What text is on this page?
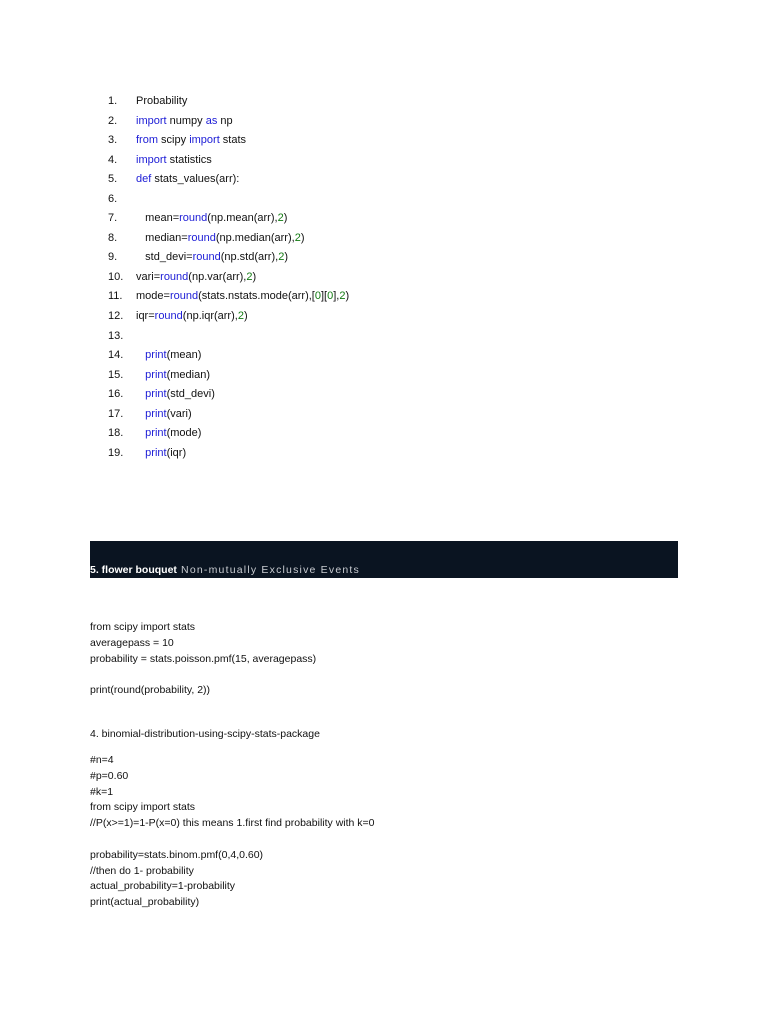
1.	Probability
2.	import numpy as np
3.	from scipy import stats
4.	import statistics
5.	def stats_values(arr):
6.
7.	mean=round(np.mean(arr),2)
8.	median=round(np.median(arr),2)
9.	std_devi=round(np.std(arr),2)
10.	vari=round(np.var(arr),2)
11.	mode=round(stats.nstats.mode(arr),[0][0],2)
12.	iqr=round(np.iqr(arr),2)
13.
14.	print(mean)
15.	print(median)
16.	print(std_devi)
17.	print(vari)
18.	print(mode)
19.	print(iqr)
5. flower bouquet Non-mutually Exclusive Events
from scipy import stats
averagepass = 10
probability = stats.poisson.pmf(15, averagepass)

print(round(probability, 2))
4. binomial-distribution-using-scipy-stats-package
#n=4
#p=0.60
#k=1
from scipy import stats
//P(x>=1)=1-P(x=0) this means 1.first find probability with k=0

probability=stats.binom.pmf(0,4,0.60)
//then do 1- probability
actual_probability=1-probability
print(actual_probability)
